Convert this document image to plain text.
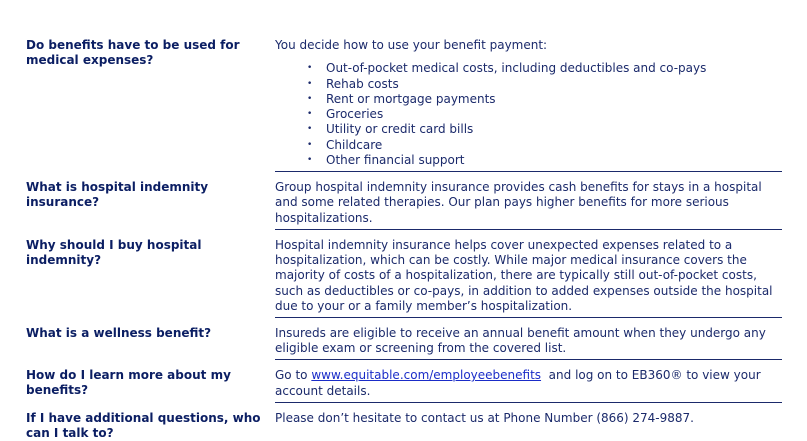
Do benefits have to be used for medical expenses?

You decide how to use your benefit payment:

• Out-of-pocket medical costs, including deductibles and co-pays
• Rehab costs
• Rent or mortgage payments
• Groceries
• Utility or credit card bills
• Childcare
• Other financial support
What is hospital indemnity insurance?

Group hospital indemnity insurance provides cash benefits for stays in a hospital and some related therapies. Our plan pays higher benefits for more serious hospitalizations.

Why should I buy hospital indemnity?

Hospital indemnity insurance helps cover unexpected expenses related to a hospitalization, which can be costly. While major medical insurance covers the majority of costs of a hospitalization, there are typically still out-of-pocket costs, such as deductibles or co-pays, in addition to added expenses outside the hospital due to your or a family member’s hospitalization.

What is a wellness benefit?	Insureds are eligible to receive an annual benefit amount when they undergo any eligible exam or screening from the covered list.

How do I learn more about my benefits?

Go to www.equitable.com/employeebenefits  and log on to EB360® to view your account details.

If I have additional questions, who can I talk to?

Please don’t hesitate to contact us at Phone Number (866) 274-9887.
